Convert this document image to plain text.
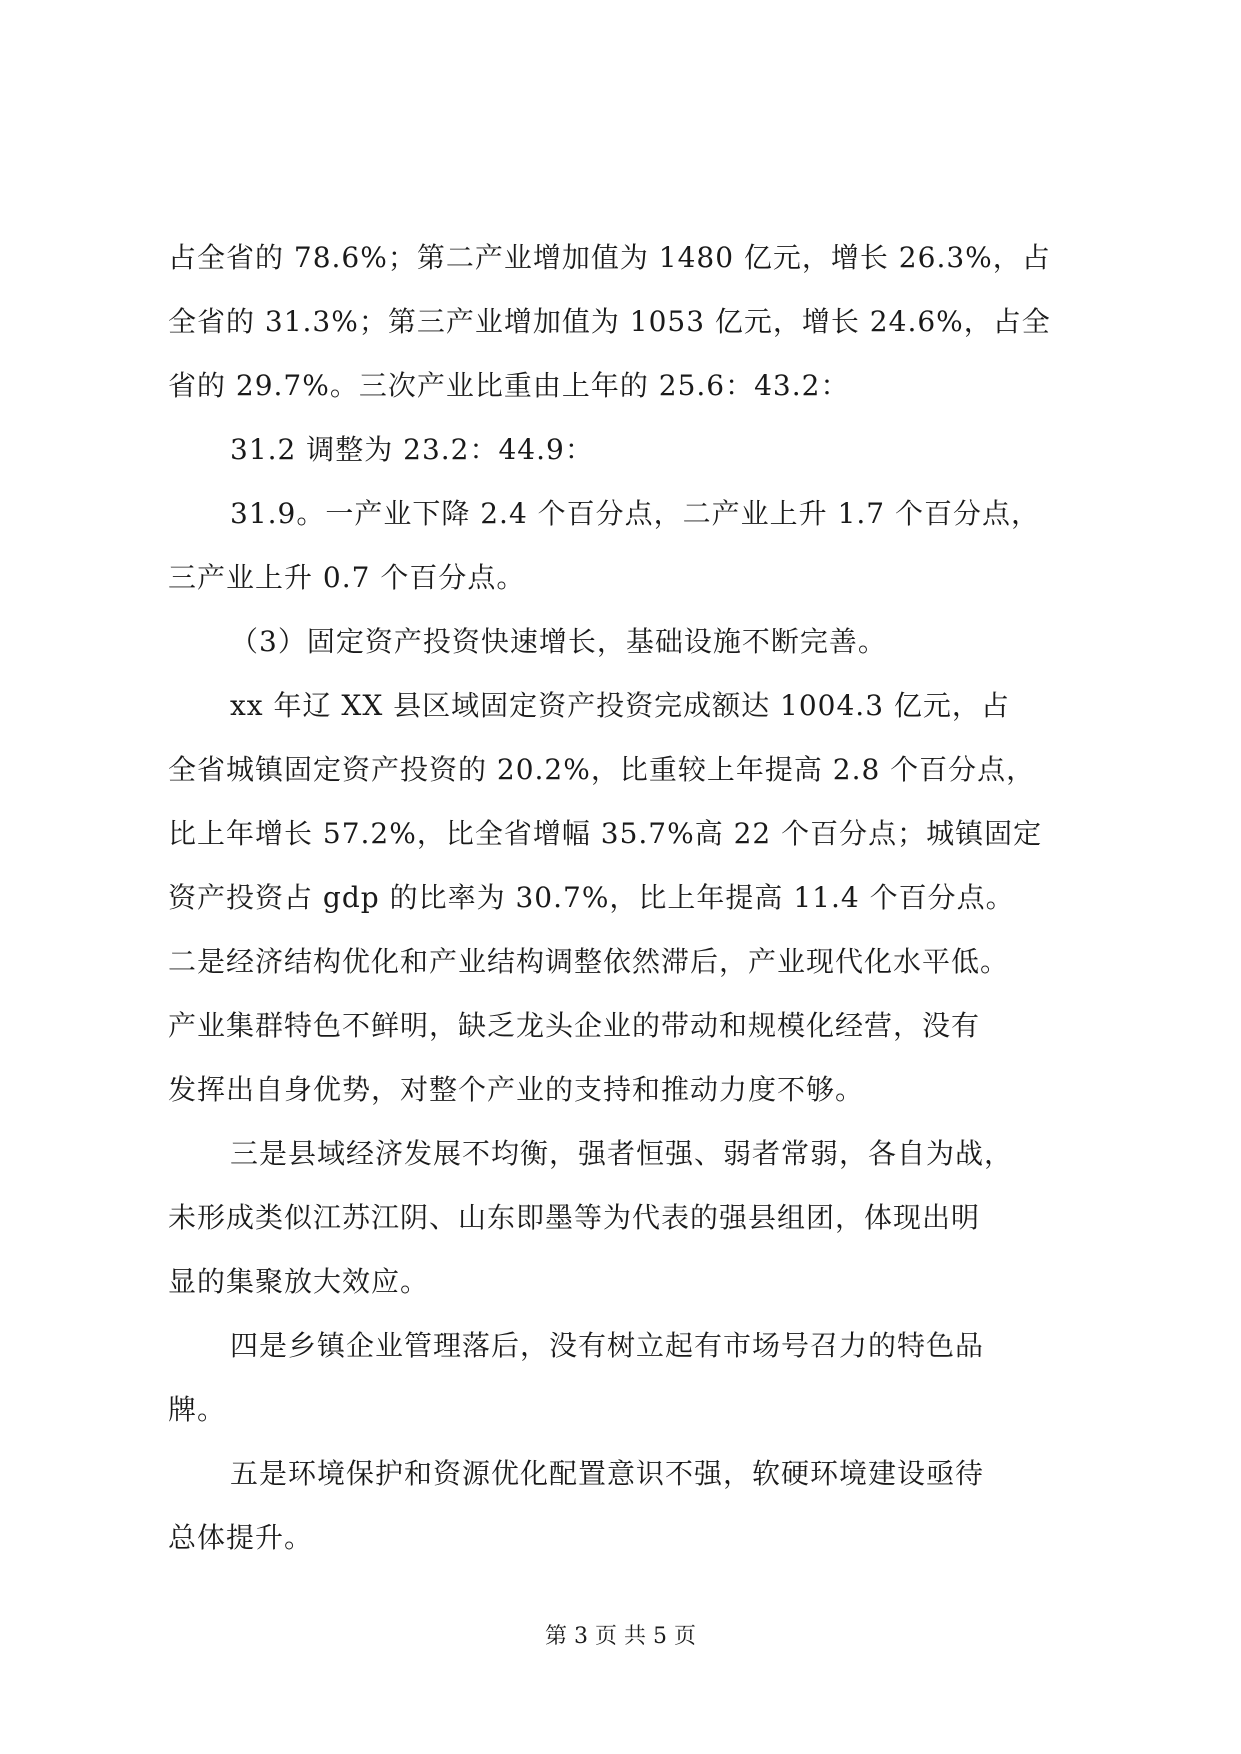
占全省的 78.6%；第二产业增加值为 1480 亿元，增长 26.3%，占
全省的 31.3%；第三产业增加值为 1053 亿元，增长 24.6%，占全
省的 29.7%。三次产业比重由上年的 25.6：43.2：
31.2 调整为 23.2：44.9：
31.9。一产业下降 2.4 个百分点，二产业上升 1.7 个百分点，
三产业上升 0.7 个百分点。
（3）固定资产投资快速增长，基础设施不断完善。
xx 年辽 XX 县区域固定资产投资完成额达 1004.3 亿元，占
全省城镇固定资产投资的 20.2%，比重较上年提高 2.8 个百分点，
比上年增长 57.2%，比全省增幅 35.7%高 22 个百分点；城镇固定
资产投资占 gdp 的比率为 30.7%，比上年提高 11.4 个百分点。
二是经济结构优化和产业结构调整依然滞后，产业现代化水平低。
产业集群特色不鲜明，缺乏龙头企业的带动和规模化经营，没有
发挥出自身优势，对整个产业的支持和推动力度不够。
三是县域经济发展不均衡，强者恒强、弱者常弱，各自为战，
未形成类似江苏江阴、山东即墨等为代表的强县组团，体现出明
显的集聚放大效应。
四是乡镇企业管理落后，没有树立起有市场号召力的特色品
牌。
五是环境保护和资源优化配置意识不强，软硬环境建设亟待
总体提升。
第 3 页 共 5 页
